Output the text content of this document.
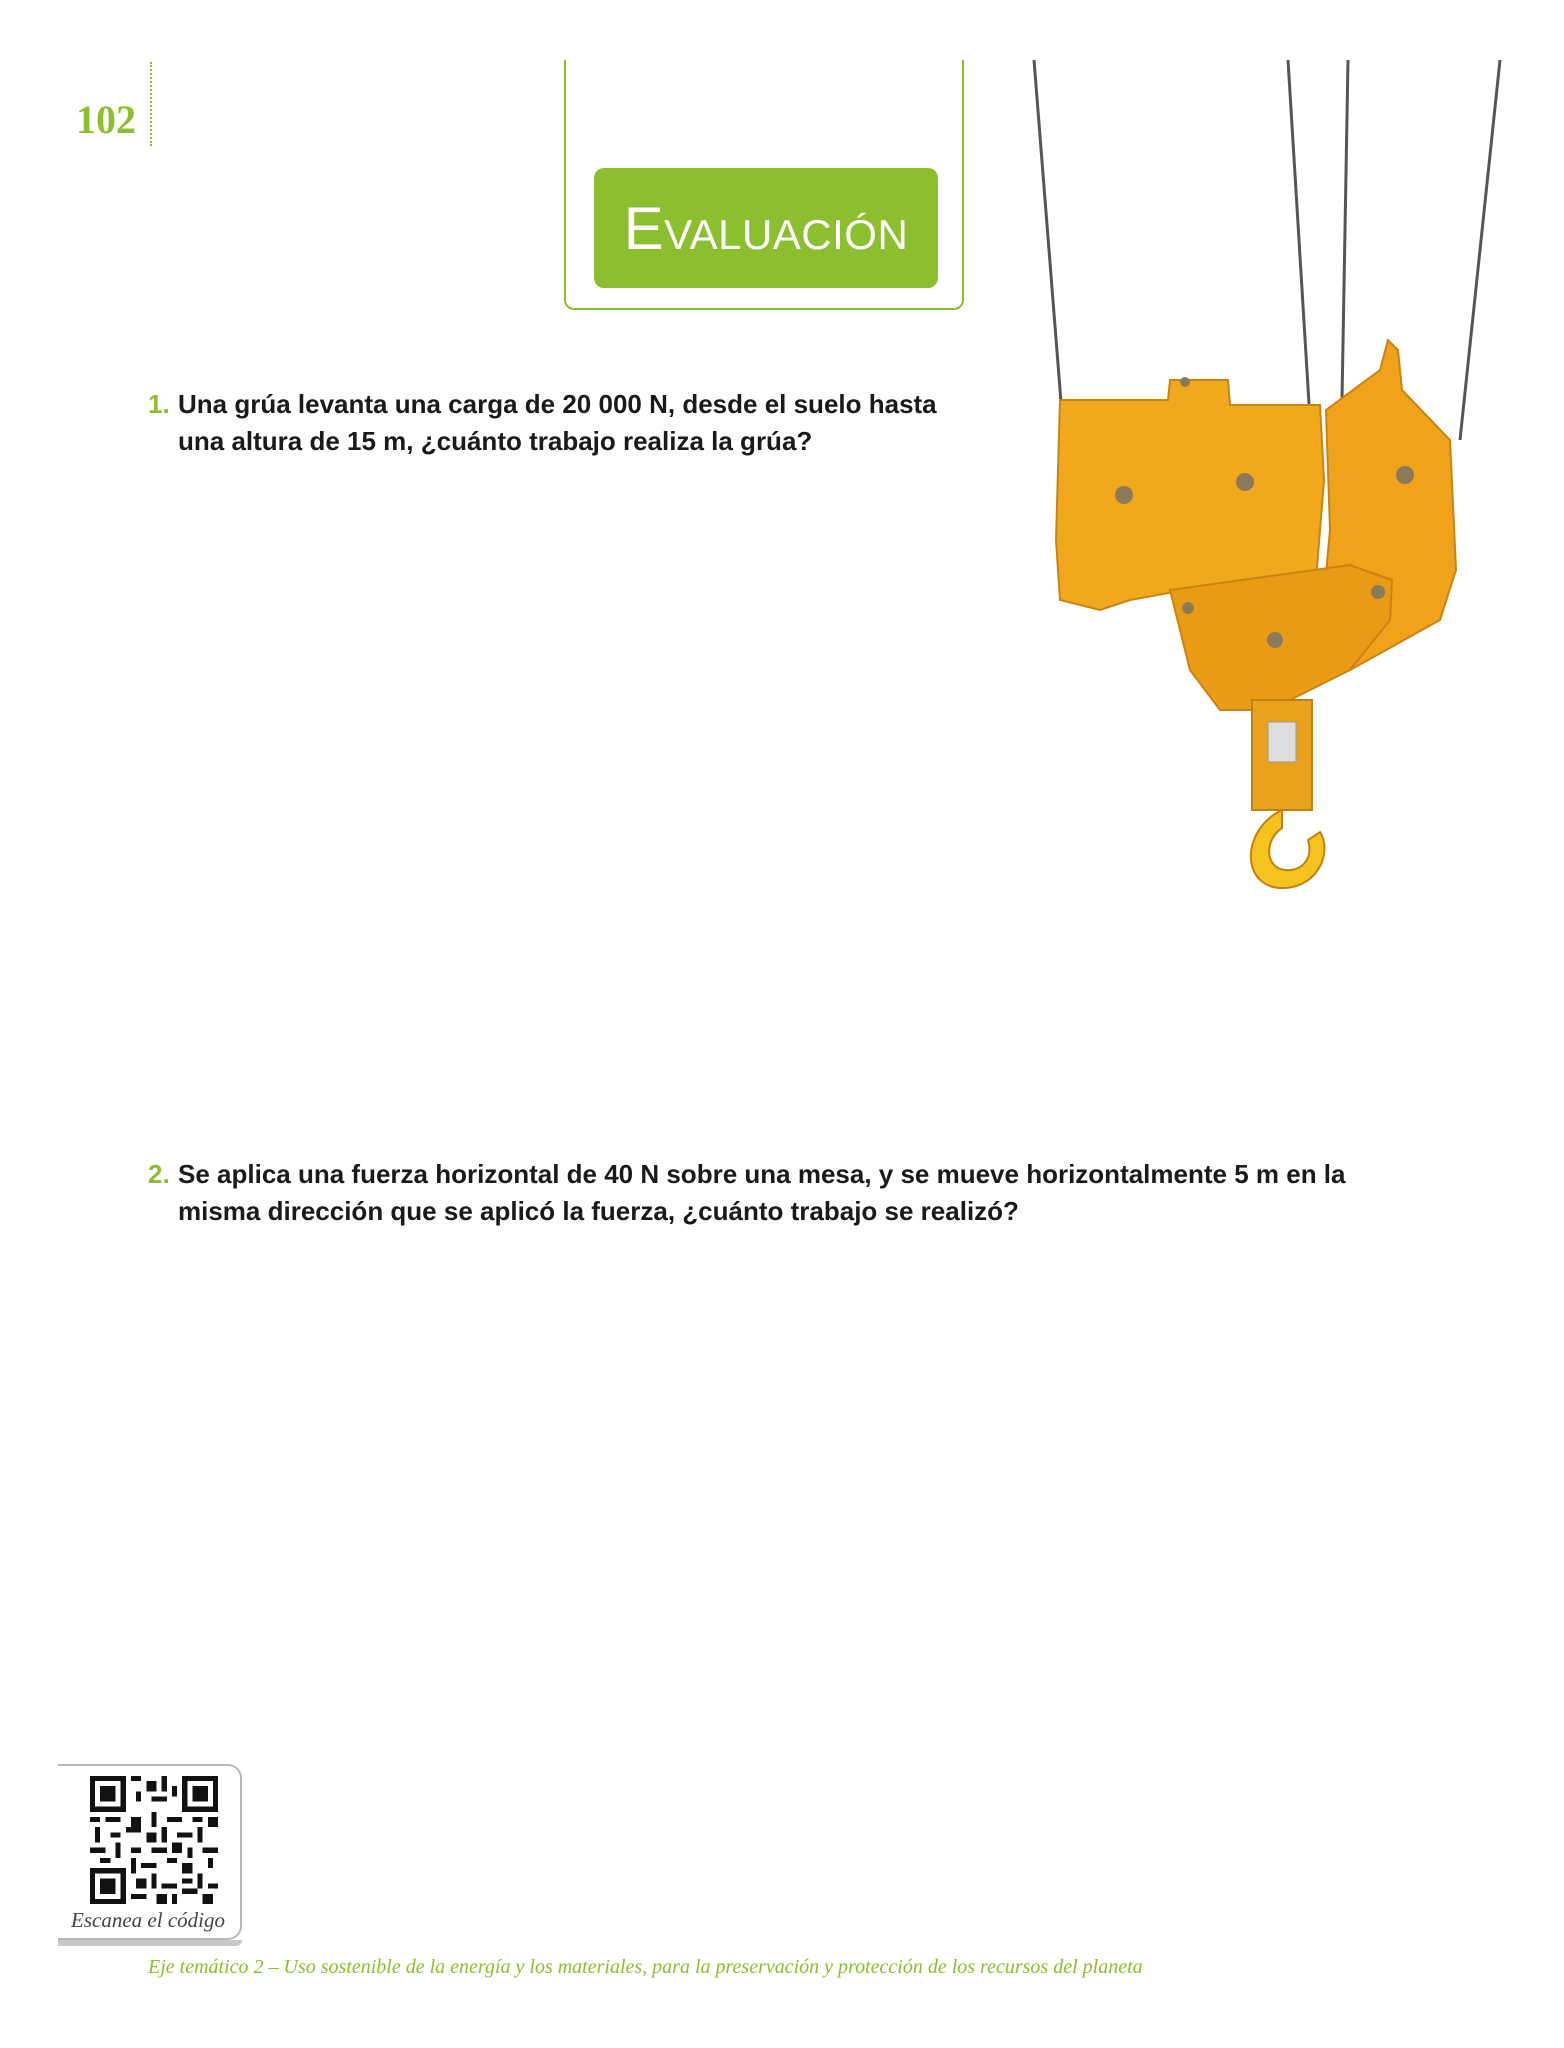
102
Evaluación
1. Una grúa levanta una carga de 20 000 N, desde el suelo hasta una altura de 15 m, ¿cuánto trabajo realiza la grúa?
2. Se aplica una fuerza horizontal de 40 N sobre una mesa, y se mueve horizontalmente 5 m en la misma dirección que se aplicó la fuerza, ¿cuánto trabajo se realizó?
Escanea el código
Eje temático 2 – Uso sostenible de la energía y los materiales, para la preservación y protección de los recursos del planeta
